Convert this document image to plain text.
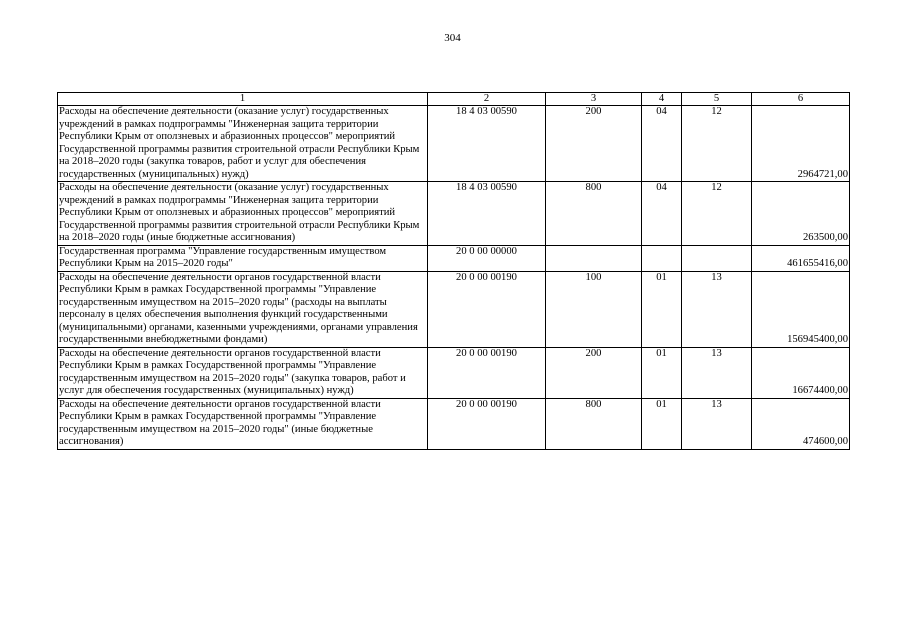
304
1	2	3	4	5	6
Расходы на обеспечение деятельности (оказание услуг) государственных учреждений в рамках подпрограммы "Инженерная защита территории Республики Крым от оползневых и абразионных процессов" мероприятий Государственной программы развития строительной отрасли Республики Крым на 2018–2020 годы (закупка товаров, работ и услуг для обеспечения государственных (муниципальных) нужд)	18 4 03 00590	200	04	12	2964721,00
Расходы на обеспечение деятельности (оказание услуг) государственных учреждений в рамках подпрограммы "Инженерная защита территории Республики Крым от оползневых и абразионных процессов" мероприятий Государственной программы развития строительной отрасли Республики Крым на 2018–2020 годы (иные бюджетные ассигнования)	18 4 03 00590	800	04	12	263500,00
Государственная программа "Управление государственным имуществом Республики Крым на 2015–2020 годы"	20 0 00 00000				461655416,00
Расходы на обеспечение деятельности органов государственной власти Республики Крым в рамках Государственной программы "Управление государственным имуществом на 2015–2020 годы" (расходы на выплаты персоналу в целях обеспечения выполнения функций государственными (муниципальными) органами, казенными учреждениями, органами управления государственными внебюджетными фондами)	20 0 00 00190	100	01	13	156945400,00
Расходы на обеспечение деятельности органов государственной власти Республики Крым в рамках Государственной программы "Управление государственным имуществом на 2015–2020 годы" (закупка товаров, работ и услуг для обеспечения государственных (муниципальных) нужд)	20 0 00 00190	200	01	13	16674400,00
Расходы на обеспечение деятельности органов государственной власти Республики Крым в рамках Государственной программы "Управление государственным имуществом на 2015–2020 годы" (иные бюджетные ассигнования)	20 0 00 00190	800	01	13	474600,00
